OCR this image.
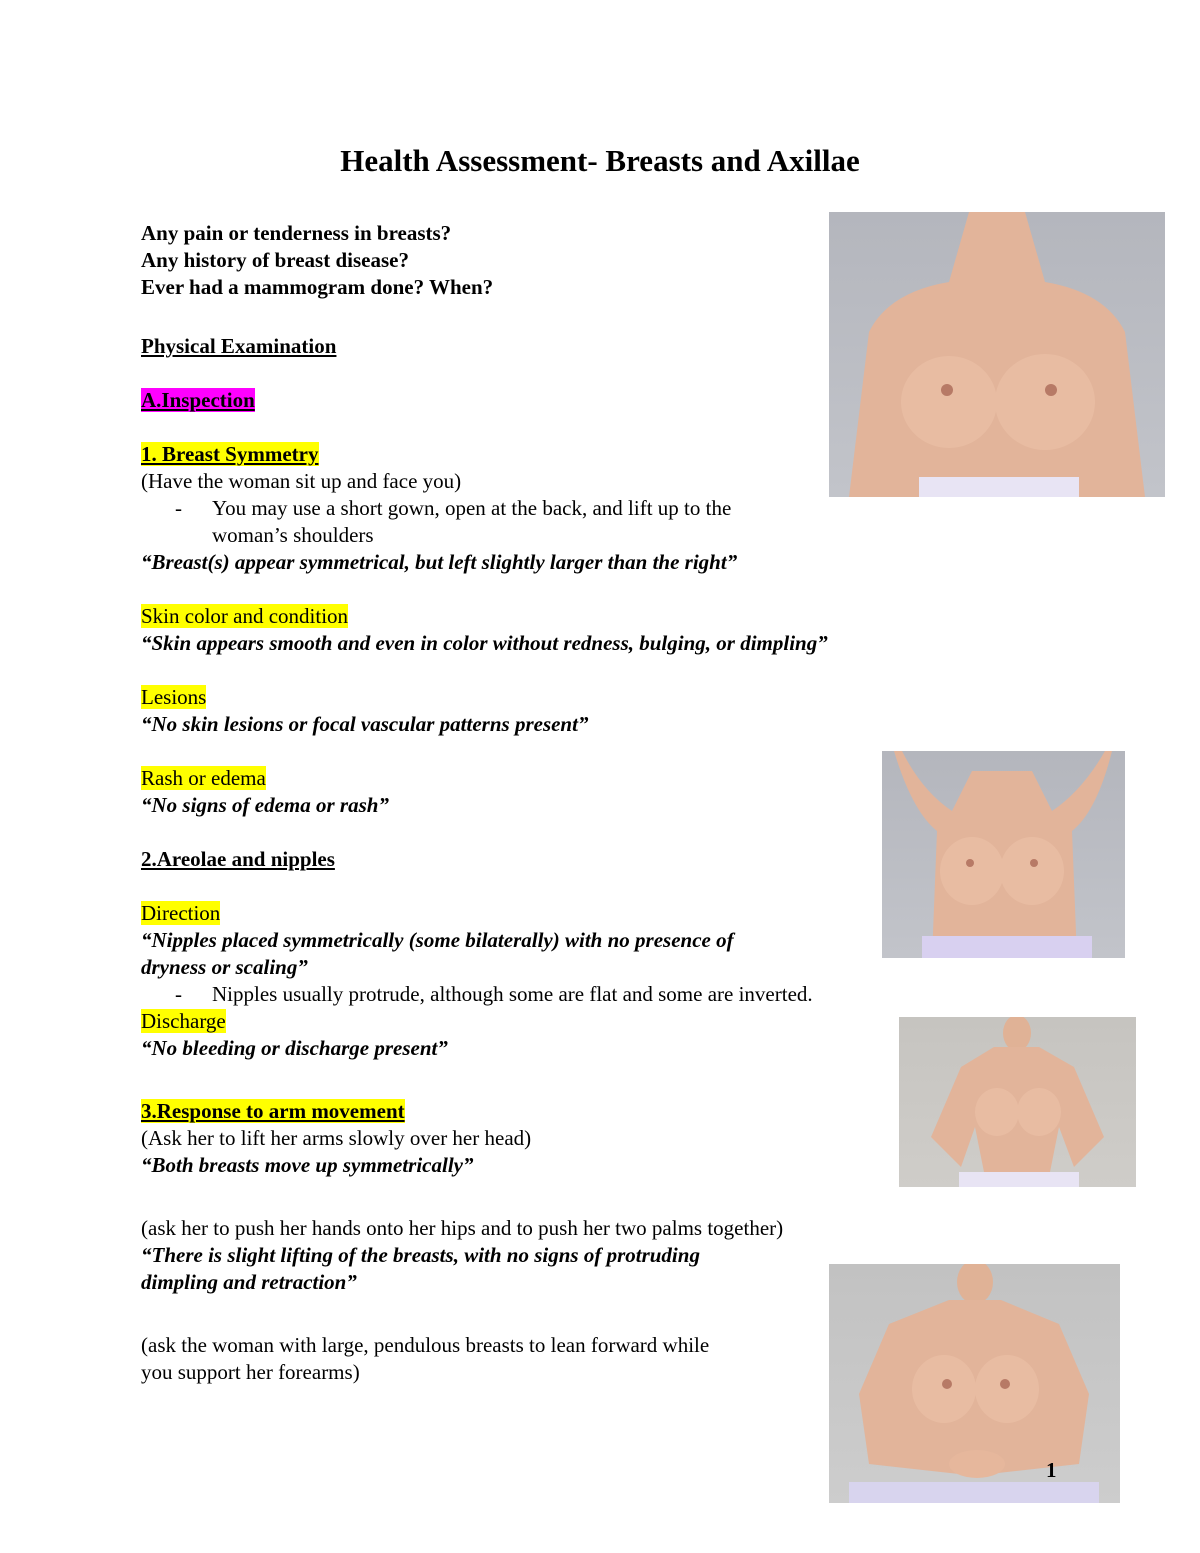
Health Assessment- Breasts and Axillae
Any pain or tenderness in breasts?
Any history of breast disease?
Ever had a mammogram done? When?
Physical Examination
A.Inspection
1. Breast Symmetry
(Have the woman sit up and face you)
-	You may use a short gown, open at the back, and lift up to the
woman’s shoulders
“Breast(s) appear symmetrical, but left slightly larger than the right”
Skin color and condition
“Skin appears smooth and even in color without redness, bulging, or dimpling”
Lesions
“No skin lesions or focal vascular patterns present”
Rash or edema
“No signs of edema or rash”
2.Areolae and nipples
Direction
“Nipples placed symmetrically (some bilaterally) with no presence of
dryness or scaling”
-	Nipples usually protrude, although some are flat and some are inverted.
Discharge
“No bleeding or discharge present”
3.Response to arm movement
(Ask her to lift her arms slowly over her head)
“Both breasts move up symmetrically”
(ask her to push her hands onto her hips and to push her two palms together)
“There is slight lifting of the breasts, with no signs of protruding
dimpling and retraction”
(ask the woman with large, pendulous breasts to lean forward while
you support her forearms)
1
